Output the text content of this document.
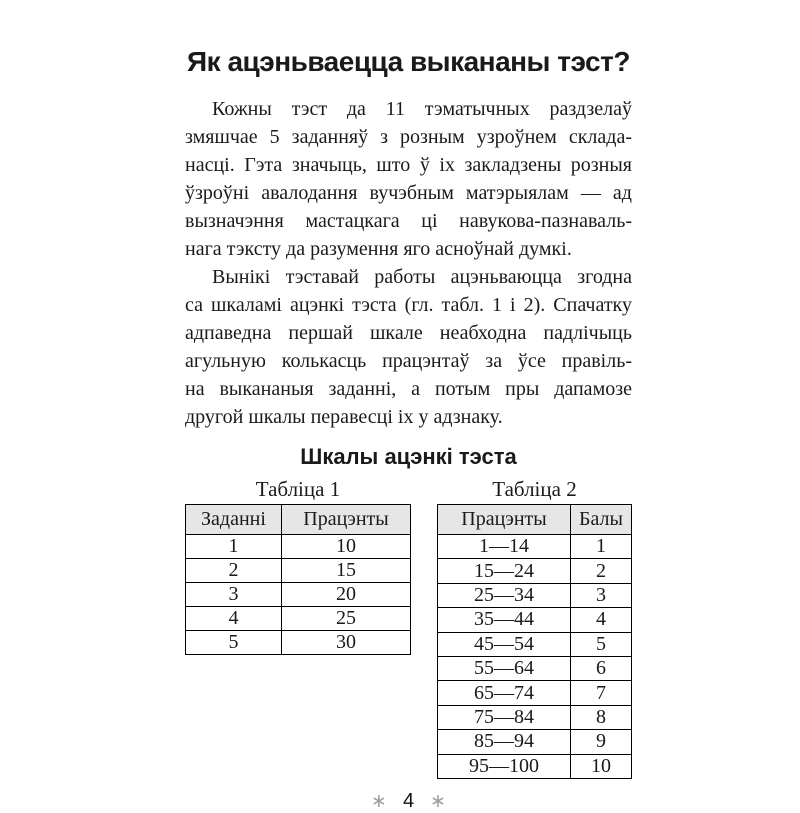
Як ацэньваецца выкананы тэст?
Кожны тэст да 11 тэматычных раздзелаў
змяшчае 5 заданняў з розным узроўнем склада-
насці. Гэта значыць, што ў іх закладзены розныя
ўзроўні авалодання вучэбным матэрыялам — ад
вызначэння мастацкага ці навукова-пазнаваль-
нага тэксту да разумення яго асноўнай думкі.
Вынікі тэставай работы ацэньваюцца згодна
са шкаламі ацэнкі тэста (гл. табл. 1 і 2). Спачатку
адпаведна першай шкале неабходна падлічыць
агульную колькасць працэнтаў за ўсе правіль-
на выкананыя заданні, а потым пры дапамозе
другой шкалы перавесці іх у адзнаку.
Шкалы ацэнкі тэста
Табліца 1
Заданні	Працэнты
1	10
2	15
3	20
4	25
5	30
Табліца 2
Працэнты	Балы
1—14	1
15—24	2
25—34	3
35—44	4
45—54	5
55—64	6
65—74	7
75—84	8
85—94	9
95—100	10
∗ 4 ∗
